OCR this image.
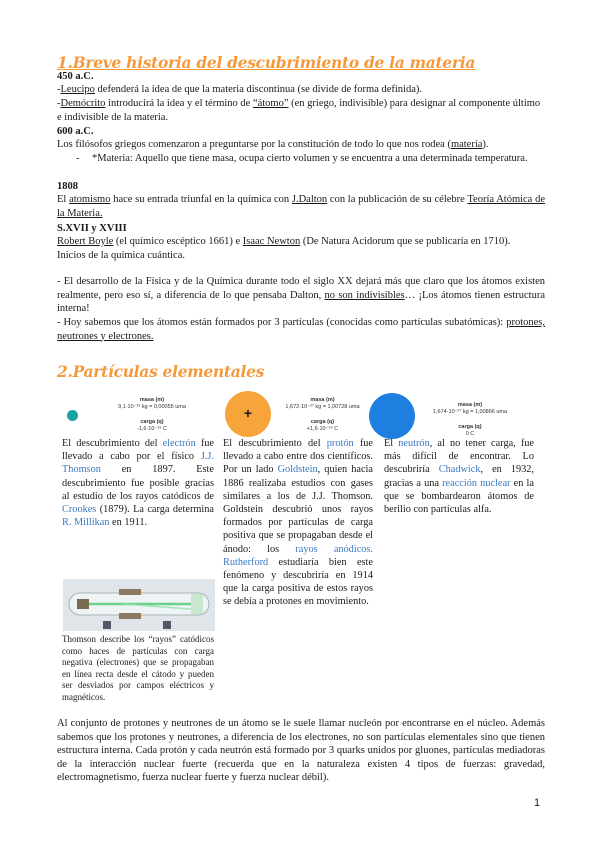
1.Breve historia del descubrimiento de la materia
450 a.C.
-Leucipo defenderá la idea de que la materia discontinua (se divide de forma definida).
-Demócrito introducirá la idea y el término de “átomo” (en griego, indivisible) para designar al componente último e indivisible de la materia.
600 a.C.
Los filósofos griegos comenzaron a preguntarse por la constitución de todo lo que nos rodea (materia).
- *Materia: Aquello que tiene masa, ocupa cierto volumen y se encuentra a una determinada temperatura.
1808
El atomismo hace su entrada triunfal en la química con J.Dalton con la publicación de su célebre Teoría Atómica de la Materia.
S.XVII y XVIII
Robert Boyle (el químico escéptico 1661) e Isaac Newton (De Natura Acidorum que se publicaría en 1710).
Inicios de la química cuántica.
- El desarrollo de la Física y de la Química durante todo el siglo XX dejará más que claro que los átomos existen realmente, pero eso sí, a diferencia de lo que pensaba Dalton, no son indivisibles… ¡Los átomos tienen estructura interna!
- Hoy sabemos que los átomos están formados por 3 partículas (conocidas como partículas subatómicas): protones, neutrones y electrones.
2.Partículas elementales
masa (m)
9,1·10⁻³¹ kg = 0,00055 uma
carga (q)
-1,6·10⁻¹⁹ C
+
masa (m)
1,672·10⁻²⁷ kg = 1,00728 uma
carga (q)
+1,6·10⁻¹⁹ C
masa (m)
1,674·10⁻²⁷ kg = 1,00866 uma
carga (q)
0 C
El descubrimiento del electrón fue llevado a cabo por el físico J.J. Thomson en 1897. Este descubrimiento fue posible gracias al estudio de los rayos catódicos de Crookes (1879). La carga determina R. Millikan en 1911.
Thomson describe los “rayos” catódicos como haces de partículas con carga negativa (electrones) que se propagaban en línea recta desde el cátodo y pueden ser desviados por campos eléctricos y magnéticos.
El descubrimiento del protón fue llevado a cabo entre dos científicos. Por un lado Goldstein, quien hacia 1886 realizaba estudios con gases similares a los de J.J. Thomson. Goldstein descubrió unos rayos formados por partículas de carga positiva que se propagaban desde el ánodo: los rayos anódicos. Rutherford estudiaría bien este fenómeno y descubriría en 1914 que la carga positiva de estos rayos se debía a protones en movimiento.
El neutrón, al no tener carga, fue más difícil de encontrar. Lo descubriría Chadwick, en 1932, gracias a una reacción nuclear en la que se bombardearon átomos de berilio con partículas alfa.
Al conjunto de protones y neutrones de un átomo se le suele llamar nucleón por encontrarse en el núcleo. Además sabemos que los protones y neutrones, a diferencia de los electrones, no son partículas elementales sino que tienen estructura interna. Cada protón y cada neutrón está formado por 3 quarks unidos por gluones, partículas mediadoras de la interacción nuclear fuerte (recuerda que en la naturaleza existen 4 tipos de fuerzas: gravedad, electromagnetismo, fuerza nuclear fuerte y fuerza nuclear débil).
1
